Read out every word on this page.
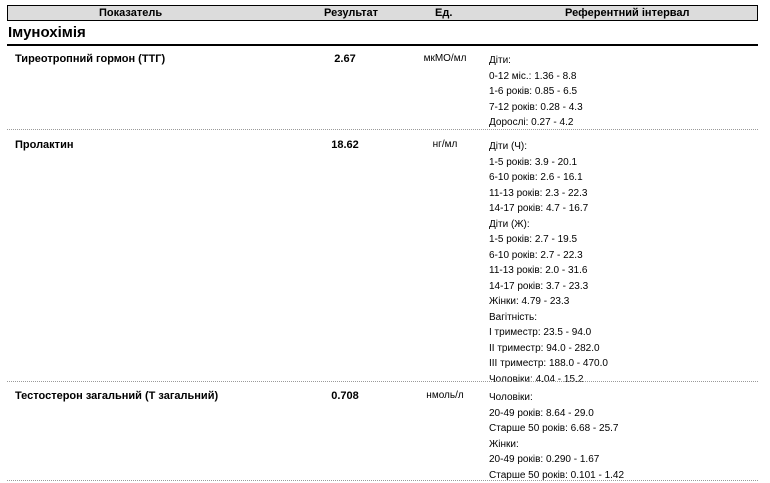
Показатель	Результат	Ед.	Референтний інтервал
Імунохімія
Тиреотропний гормон (ТТГ)	2.67	мкМО/мл	Діти:
0-12 міс.: 1.36 - 8.8
1-6 років: 0.85 - 6.5
7-12 років: 0.28 - 4.3
Дорослі: 0.27 - 4.2
Пролактин	18.62	нг/мл	Діти (Ч):
1-5 років: 3.9 - 20.1
6-10 років: 2.6 - 16.1
11-13 років: 2.3 - 22.3
14-17 років: 4.7 - 16.7
Діти (Ж):
1-5 років: 2.7 - 19.5
6-10 років: 2.7 - 22.3
11-13 років: 2.0 - 31.6
14-17 років: 3.7 - 23.3
Жінки: 4.79 - 23.3
Вагітність:
I триместр: 23.5 - 94.0
II триместр: 94.0 - 282.0
III триместр: 188.0 - 470.0
Чоловіки: 4.04 - 15.2
Тестостерон загальний (Т загальний)	0.708	нмоль/л	Чоловіки:
20-49 років: 8.64 - 29.0
Старше 50 років: 6.68 - 25.7
Жінки:
20-49 років: 0.290 - 1.67
Старше 50 років: 0.101 - 1.42
